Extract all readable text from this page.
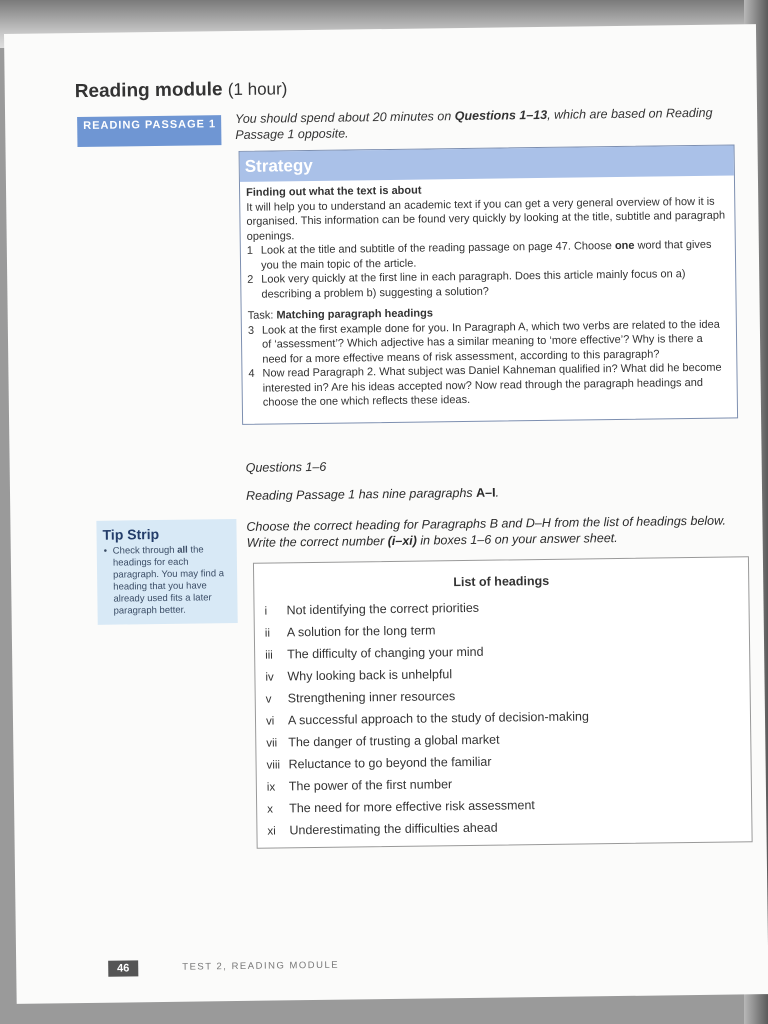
Reading module (1 hour)
READING PASSAGE 1	You should spend about 20 minutes on Questions 1–13, which are based on Reading Passage 1 opposite.
Strategy
Finding out what the text is about
It will help you to understand an academic text if you can get a very general overview of how it is organised. This information can be found very quickly by looking at the title, subtitle and paragraph openings.
1 Look at the title and subtitle of the reading passage on page 47. Choose one word that gives you the main topic of the article.
2 Look very quickly at the first line in each paragraph. Does this article mainly focus on a) describing a problem b) suggesting a solution?
Task: Matching paragraph headings
3 Look at the first example done for you. In Paragraph A, which two verbs are related to the idea of ‘assessment’? Which adjective has a similar meaning to ‘more effective’? Why is there a need for a more effective means of risk assessment, according to this paragraph?
4 Now read Paragraph 2. What subject was Daniel Kahneman qualified in? What did he become interested in? Are his ideas accepted now? Now read through the paragraph headings and choose the one which reflects these ideas.
Questions 1–6
Reading Passage 1 has nine paragraphs A–I.
Choose the correct heading for Paragraphs B and D–H from the list of headings below. Write the correct number (i–xi) in boxes 1–6 on your answer sheet.
Tip Strip
• Check through all the headings for each paragraph. You may find a heading that you have already used fits a later paragraph better.
List of headings
i Not identifying the correct priorities
ii A solution for the long term
iii The difficulty of changing your mind
iv Why looking back is unhelpful
v Strengthening inner resources
vi A successful approach to the study of decision-making
vii The danger of trusting a global market
viii Reluctance to go beyond the familiar
ix The power of the first number
x The need for more effective risk assessment
xi Underestimating the difficulties ahead
46	TEST 2, READING MODULE
